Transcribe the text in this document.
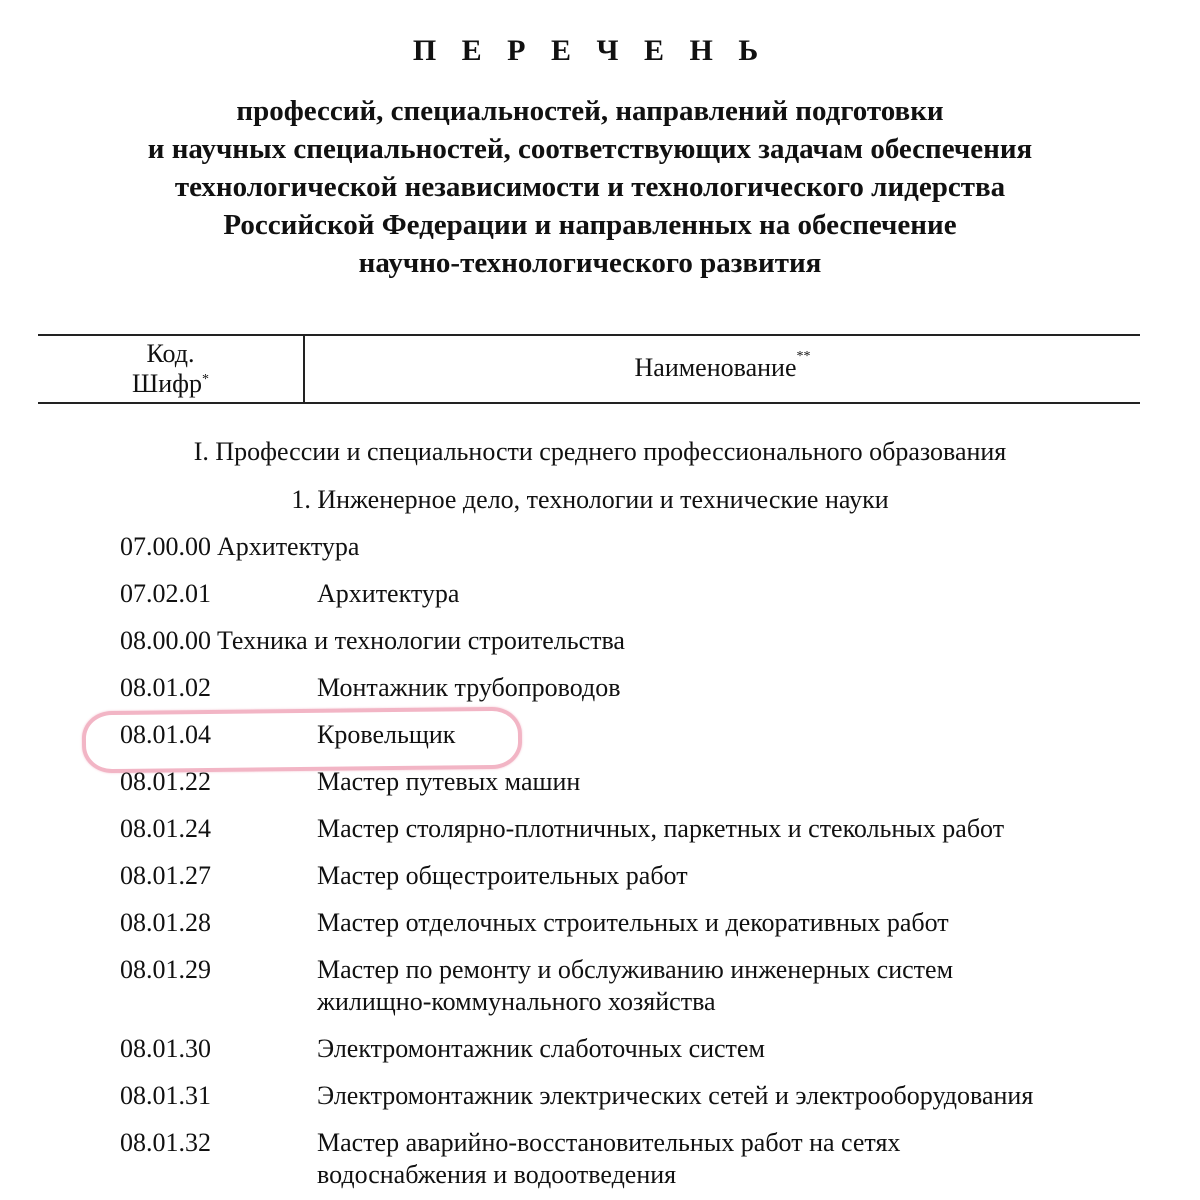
П Е Р Е Ч Е Н Ь
профессий, специальностей, направлений подготовки
и научных специальностей, соответствующих задачам обеспечения
технологической независимости и технологического лидерства
Российской Федерации и направленных на обеспечение
научно-технологического развития
Код.
Шифр*	Наименование**
I. Профессии и специальности среднего профессионального образования
1. Инженерное дело, технологии и технические науки
07.00.00 Архитектура
07.02.01	Архитектура
08.00.00 Техника и технологии строительства
08.01.02	Монтажник трубопроводов
08.01.04	Кровельщик
08.01.22	Мастер путевых машин
08.01.24	Мастер столярно-плотничных, паркетных и стекольных работ
08.01.27	Мастер общестроительных работ
08.01.28	Мастер отделочных строительных и декоративных работ
08.01.29	Мастер по ремонту и обслуживанию инженерных систем
жилищно-коммунального хозяйства
08.01.30	Электромонтажник слаботочных систем
08.01.31	Электромонтажник электрических сетей и электрооборудования
08.01.32	Мастер аварийно-восстановительных работ на сетях
водоснабжения и водоотведения
